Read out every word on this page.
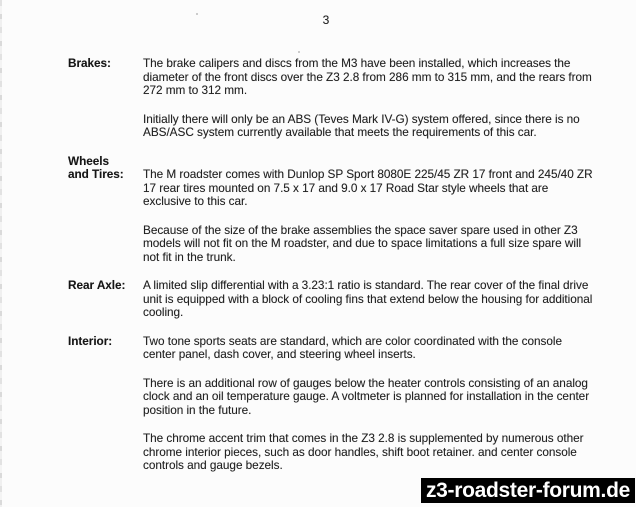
3
Brakes:	The brake calipers and discs from the M3 have been installed, which increases the
diameter of the front discs over the Z3 2.8 from 286 mm to 315 mm, and the rears from
272 mm to 312 mm.
Initially there will only be an ABS (Teves Mark IV-G) system offered, since there is no
ABS/ASC system currently available that meets the requirements of this car.
Wheels
and Tires:	The M roadster comes with Dunlop SP Sport 8080E 225/45 ZR 17 front and 245/40 ZR
17 rear tires mounted on 7.5 x 17 and 9.0 x 17 Road Star style wheels that are
exclusive to this car.
Because of the size of the brake assemblies the space saver spare used in other Z3
models will not fit on the M roadster, and due to space limitations a full size spare will
not fit in the trunk.
Rear Axle:	A limited slip differential with a 3.23:1 ratio is standard. The rear cover of the final drive
unit is equipped with a block of cooling fins that extend below the housing for additional
cooling.
Interior:	Two tone sports seats are standard, which are color coordinated with the console
center panel, dash cover, and steering wheel inserts.
There is an additional row of gauges below the heater controls consisting of an analog
clock and an oil temperature gauge. A voltmeter is planned for installation in the center
position in the future.
The chrome accent trim that comes in the Z3 2.8 is supplemented by numerous other
chrome interior pieces, such as door handles, shift boot retainer. and center console
controls and gauge bezels.
z3-roadster-forum.de
